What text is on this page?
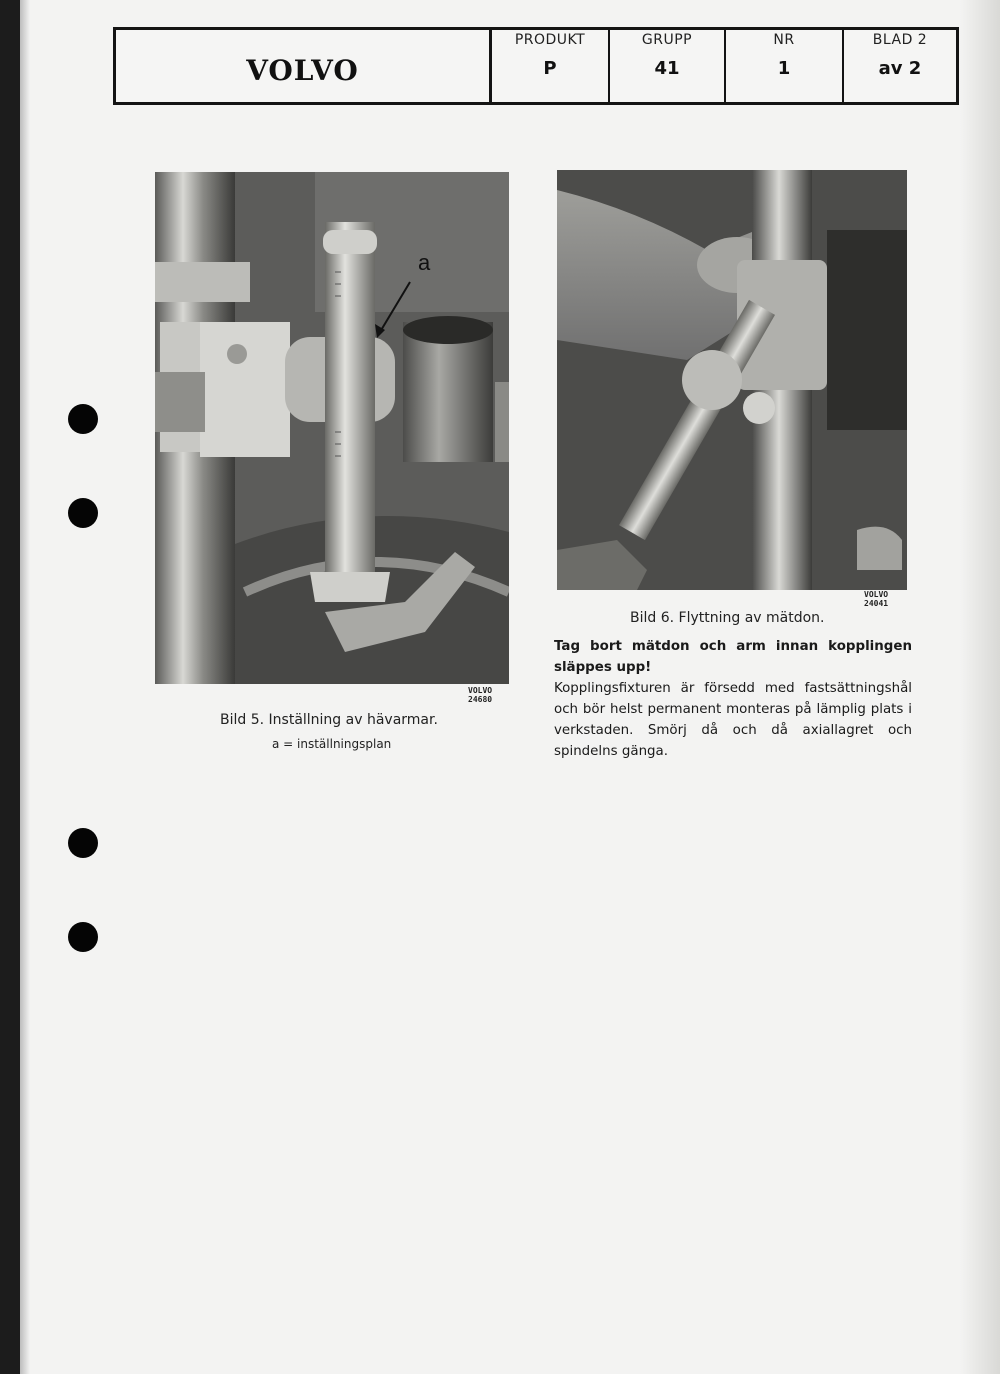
VOLVO
PRODUKT
P
GRUPP
41
NR
1
BLAD 2
av 2
a
VOLVO
24680
Bild 5. Inställning av hävarmar.
a = inställningsplan
VOLVO
24041
Bild 6. Flyttning av mätdon.
Tag bort mätdon och arm innan kopplingen släppes upp!
Kopplingsfixturen är försedd med fastsättningshål och bör helst permanent monteras på lämplig plats i verkstaden. Smörj då och då axiallagret och spindelns gänga.
